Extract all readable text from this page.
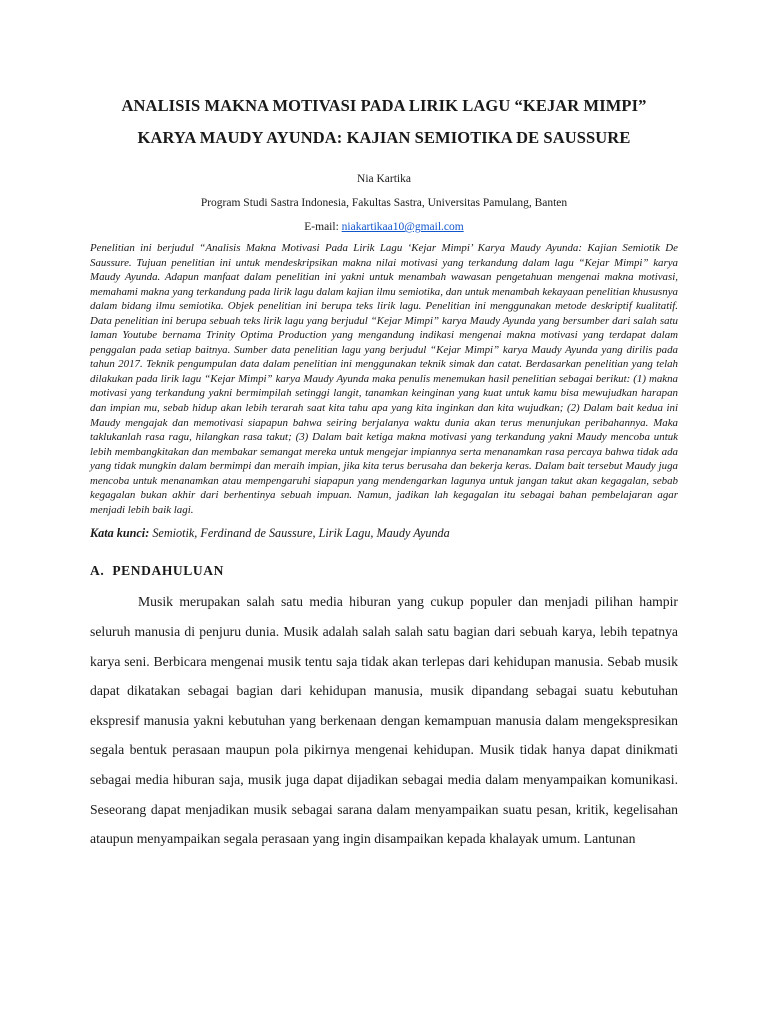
ANALISIS MAKNA MOTIVASI PADA LIRIK LAGU “KEJAR MIMPI”
KARYA MAUDY AYUNDA: KAJIAN SEMIOTIKA DE SAUSSURE
Nia Kartika
Program Studi Sastra Indonesia, Fakultas Sastra, Universitas Pamulang, Banten
E-mail: niakartikaa10@gmail.com
Penelitian ini berjudul “Analisis Makna Motivasi Pada Lirik Lagu ‘Kejar Mimpi’ Karya Maudy Ayunda: Kajian Semiotik De Saussure. Tujuan penelitian ini untuk mendeskripsikan makna nilai motivasi yang terkandung dalam lagu “Kejar Mimpi” karya Maudy Ayunda. Adapun manfaat dalam penelitian ini yakni untuk menambah wawasan pengetahuan mengenai makna motivasi, memahami makna yang terkandung pada lirik lagu dalam kajian ilmu semiotika, dan untuk menambah kekayaan penelitian khususnya dalam bidang ilmu semiotika. Objek penelitian ini berupa teks lirik lagu. Penelitian ini menggunakan metode deskriptif kualitatif. Data penelitian ini berupa sebuah teks lirik lagu yang berjudul “Kejar Mimpi” karya Maudy Ayunda yang bersumber dari salah satu laman Youtube bernama Trinity Optima Production yang mengandung indikasi mengenai makna motivasi yang terdapat dalam penggalan pada setiap baitnya. Sumber data penelitian lagu yang berjudul “Kejar Mimpi” karya Maudy Ayunda yang dirilis pada tahun 2017. Teknik pengumpulan data dalam penelitian ini menggunakan teknik simak dan catat. Berdasarkan penelitian yang telah dilakukan pada lirik lagu “Kejar Mimpi” karya Maudy Ayunda maka penulis menemukan hasil penelitian sebagai berikut: (1) makna motivasi yang terkandung yakni bermimpilah setinggi langit, tanamkan keinginan yang kuat untuk kamu bisa mewujudkan harapan dan impian mu, sebab hidup akan lebih terarah saat kita tahu apa yang kita inginkan dan kita wujudkan; (2) Dalam bait kedua ini Maudy mengajak dan memotivasi siapapun bahwa seiring berjalanya waktu dunia akan terus menunjukan peribahannya. Maka taklukanlah rasa ragu, hilangkan rasa takut; (3) Dalam bait ketiga makna motivasi yang terkandung yakni Maudy mencoba untuk lebih membangkitakan dan membakar semangat mereka untuk mengejar impiannya serta menanamkan rasa percaya bahwa tidak ada yang tidak mungkin dalam bermimpi dan meraih impian, jika kita terus berusaha dan bekerja keras. Dalam bait tersebut Maudy juga mencoba untuk menanamkan atau mempengaruhi siapapun yang mendengarkan lagunya untuk jangan takut akan kegagalan, sebab kegagalan bukan akhir dari berhentinya sebuah impuan. Namun, jadikan lah kegagalan itu sebagai bahan pembelajaran agar menjadi lebih baik lagi.
Kata kunci: Semiotik, Ferdinand de Saussure, Lirik Lagu, Maudy Ayunda
A. PENDAHULUAN

Musik merupakan salah satu media hiburan yang cukup populer dan menjadi pilihan hampir seluruh manusia di penjuru dunia. Musik adalah salah salah satu bagian dari sebuah karya, lebih tepatnya karya seni. Berbicara mengenai musik tentu saja tidak akan terlepas dari kehidupan manusia. Sebab musik dapat dikatakan sebagai bagian dari kehidupan manusia, musik dipandang sebagai suatu kebutuhan ekspresif manusia yakni kebutuhan yang berkenaan dengan kemampuan manusia dalam mengekspresikan segala bentuk perasaan maupun pola pikirnya mengenai kehidupan. Musik tidak hanya dapat dinikmati sebagai media hiburan saja, musik juga dapat dijadikan sebagai media dalam menyampaikan komunikasi. Seseorang dapat menjadikan musik sebagai sarana dalam menyampaikan suatu pesan, kritik, kegelisahan ataupun menyampaikan segala perasaan yang ingin disampaikan kepada khalayak umum. Lantunan
